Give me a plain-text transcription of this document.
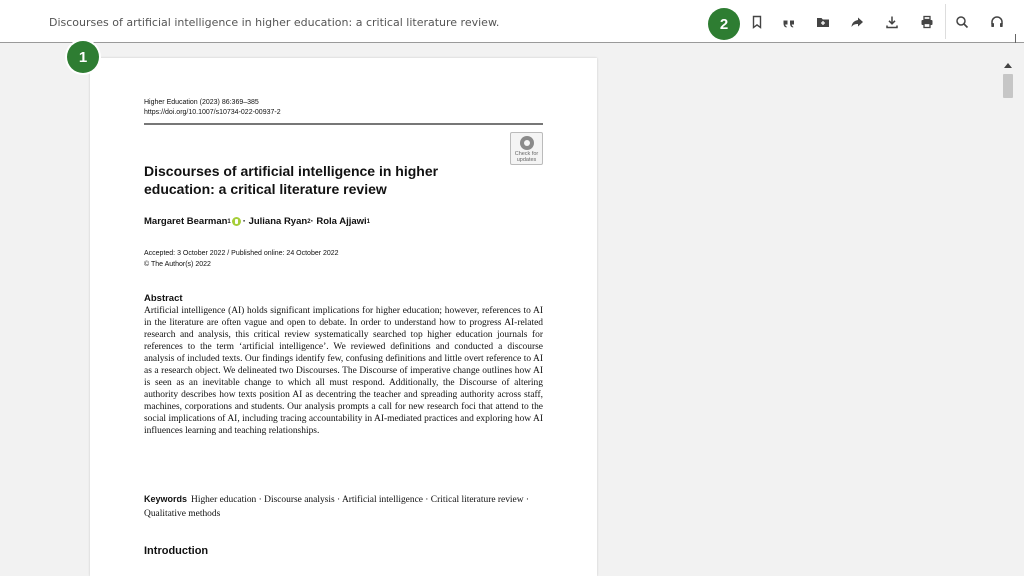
Discourses of artificial intelligence in higher education: a critical literature review.
Higher Education (2023) 86:369–385
https://doi.org/10.1007/s10734-022-00937-2
Check for updates
Discourses of artificial intelligence in higher education: a critical literature review
Margaret Bearman 1 · Juliana Ryan 2 · Rola Ajjawi 1
Accepted: 3 October 2022 / Published online: 24 October 2022
© The Author(s) 2022
Abstract
Artificial intelligence (AI) holds significant implications for higher education; however, references to AI in the literature are often vague and open to debate. In order to understand how to progress AI-related research and analysis, this critical review systematically searched top higher education journals for references to the term ‘artificial intelligence’. We reviewed definitions and conducted a discourse analysis of included texts. Our findings identify few, confusing definitions and little overt reference to AI as a research object. We delineated two Discourses. The Discourse of imperative change outlines how AI is seen as an inevitable change to which all must respond. Additionally, the Discourse of altering authority describes how texts position AI as decentring the teacher and spreading authority across staff, machines, corporations and students. Our analysis prompts a call for new research foci that attend to the social implications of AI, including tracing accountability in AI-mediated practices and exploring how AI influences learning and teaching relationships.
Keywords Higher education · Discourse analysis · Artificial intelligence · Critical literature review · Qualitative methods
Introduction
1
2
